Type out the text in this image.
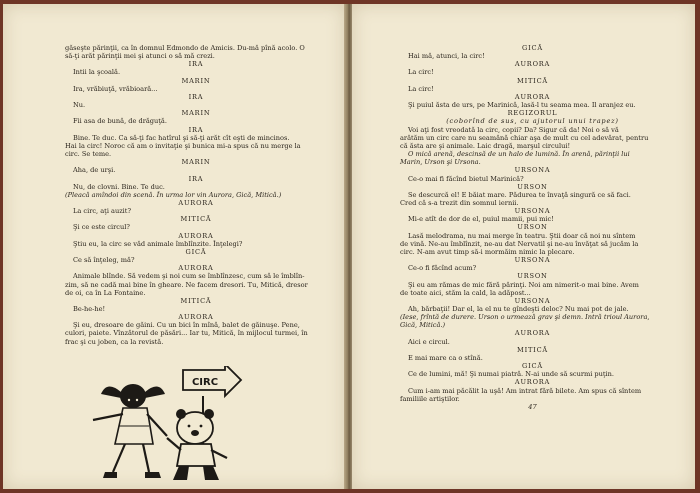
găseşte părinţii, ca în domnul Edmondo de Amicis. Du-mă pînă acolo. O

să-ţi arăt părinţii mei şi atunci o să mă crezi.

IRA

Intii la şcoală.

MARIN

Ira, vrăbiuţă, vrăbioară...

IRA

Nu.

MARIN

Fii asa de bună, de drăguţă.

IRA

Bine. Te duc. Ca să-ţi fac hatîrul şi să-ţi arăt cît eşti de mincinos.

Hai la circ! Noroc că am o invitaţie şi bunica mi-a spus că nu merge la

circ. Se teme.

MARIN

Aha, de urşi.

IRA

Nu, de clovni. Bine. Te duc.

(Pleacă amîndoi din scenă. În urma lor vin Aurora, Gică, Mitică.)

AURORA

La circ, aţi auzit?

MITICĂ

Şi ce este circul?

AURORA

Ştiu eu, la circ se văd animale îmblînzite. Înţelegi?

GICĂ

Ce să înţeleg, mă?

AURORA

Animale blînde. Să vedem şi noi cum se îmblînzesc, cum să le îmblîn-

zim, să ne cadă mai bine în gheare. Ne facem dresori. Tu, Mitică, dresor

de oi, ca în La Fontaine.

MITICĂ

Be-he-he!

AURORA

Şi eu, dresoare de găini. Cu un bici în mînă, balet de găinuşe. Pene,

culori, paiete. Vînzătorul de păsări... Iar tu, Mitică, în mijlocul turmei, în

frac şi cu joben, ca la revistă.

CIRC

GICĂ

Hai mă, atunci, la circ!

AURORA

La circ!

MITICĂ

La circ!

AURORA

Şi puiul ăsta de urs, pe Marinică, lasă-l tu seama mea. Il aranjez eu.

REGIZORUL

(coborînd de sus, cu ajutorul unui trapez)

Voi aţi fost vreodată la circ, copii? Da? Sigur că da! Noi o să vă

arătăm un circ care nu seamănă chiar aşa de mult cu cel adevărat, pentru

că ăsta are şi animale. Laic dragă, marşul circului!

O mică arenă, descinsă de un halo de lumină. În arenă, părinţii lui

Marin, Urson şi Ursona.

URSONA

Ce-o mai fi făcînd bietul Marinică?

URSON

Se descurcă el! E băiat mare. Pădurea te învaţă singură ce să faci.

Cred că s-a trezit din somnul iernii.

URSONA

Mi-e atît de dor de el, puiul mamii, pui mic!

URSON

Lasă melodrama, nu mai merge în teatru. Ştii doar că noi nu sîntem

de vină. Ne-au îmblînzit, ne-au dat Nervatil şi ne-au învăţat să jucăm la

circ. N-am avut timp să-i mormăim nimic la plecare.

URSONA

Ce-o fi făcînd acum?

URSON

Şi eu am rămas de mic fără părinţi. Noi am nimerit-o mai bine. Avem

de toate aici, stăm la cald, la adăpost...

URSONA

Ah, bărbaţii! Dar el, la el nu te gîndeşti deloc? Nu mai pot de jale.

(Iese, frîntă de durere. Urson o urmează grav şi demn. Intră trioul Aurora,

Gică, Mitică.)

AURORA

Aici e circul.

MITICĂ

E mai mare ca o stînă.

GICĂ

Ce de lumini, mă! Şi numai piatră. N-ai unde să scurmi puţin.

AURORA

Cum i-am mai păcălit la uşă! Am intrat fără bilete. Am spus că sîntem

familiile artiştilor.

47
